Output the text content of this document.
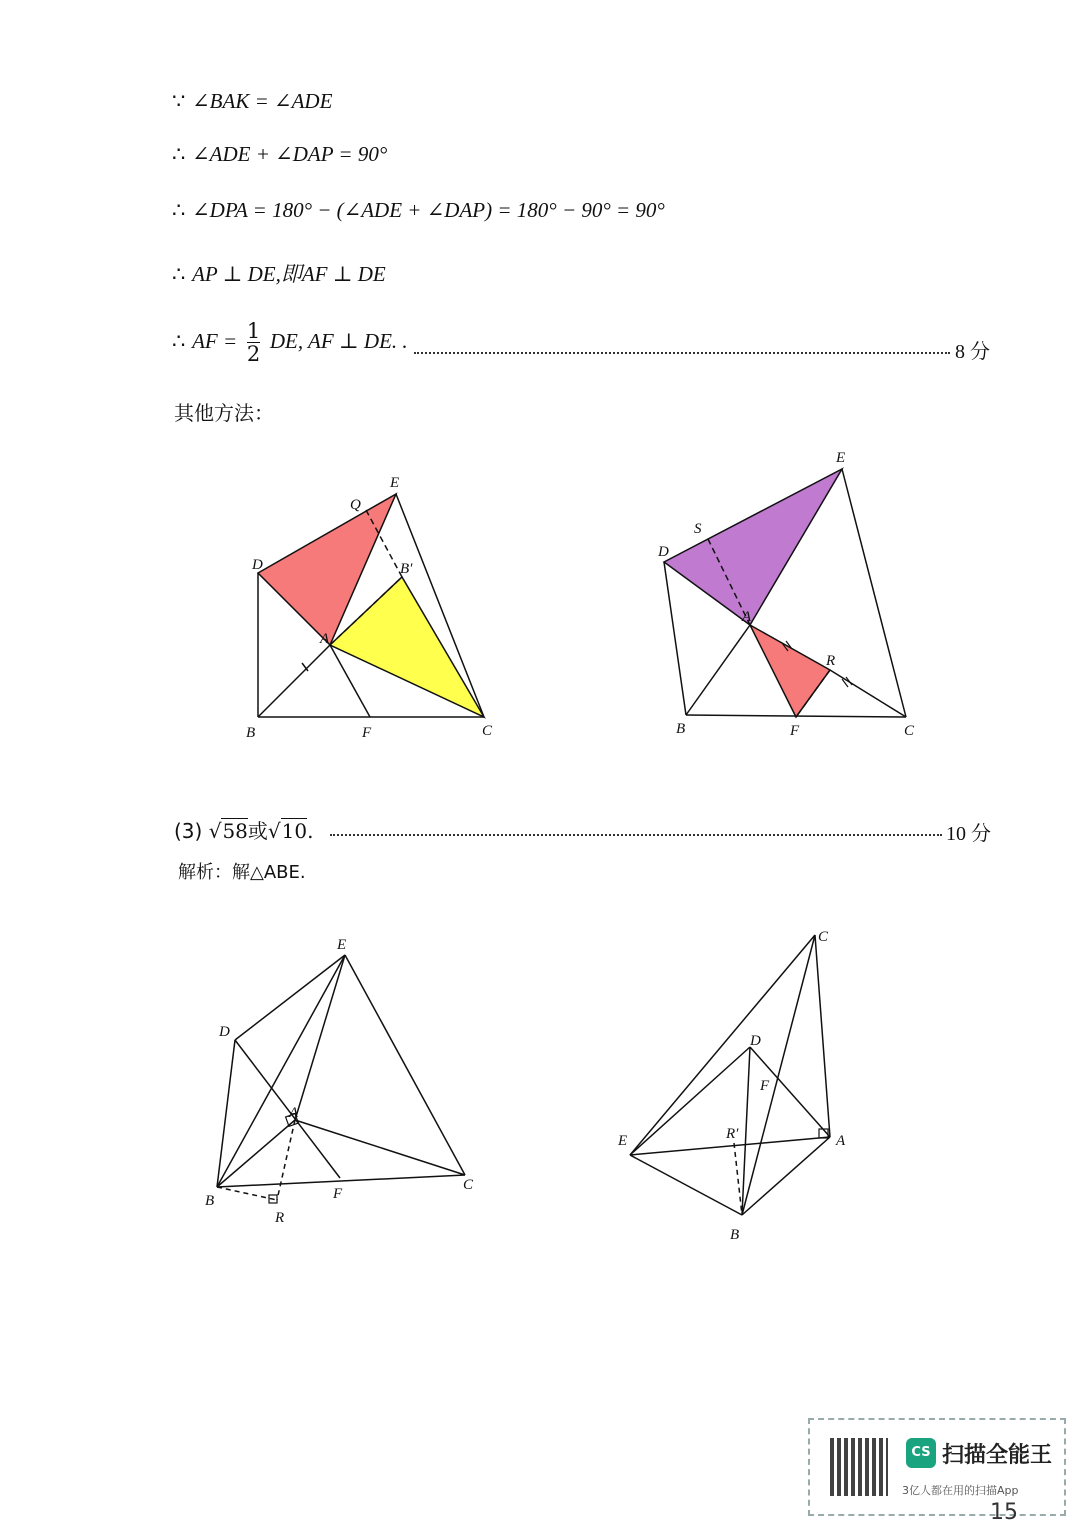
∵ ∠BAK = ∠ADE
∴ ∠ADE + ∠DAP = 90°
∴ ∠DPA = 180° − (∠ADE + ∠DAP) = 180° − 90° = 90°
∴ AP ⊥ DE,即AF ⊥ DE
∴ AF = $\frac{1}{2}$ DE, AF ⊥ DE. .	8 分
其他方法：
Q
E
D	B′
A
B	F	C
E
S
D
A
R
B	F	C
(3) √58或√10.	10 分
解析：解△ABE.
E
D
A
B	F
C
R
C
D
F
E	R′	A
B
CS 扫描全能王
3亿人都在用的扫描App
15
